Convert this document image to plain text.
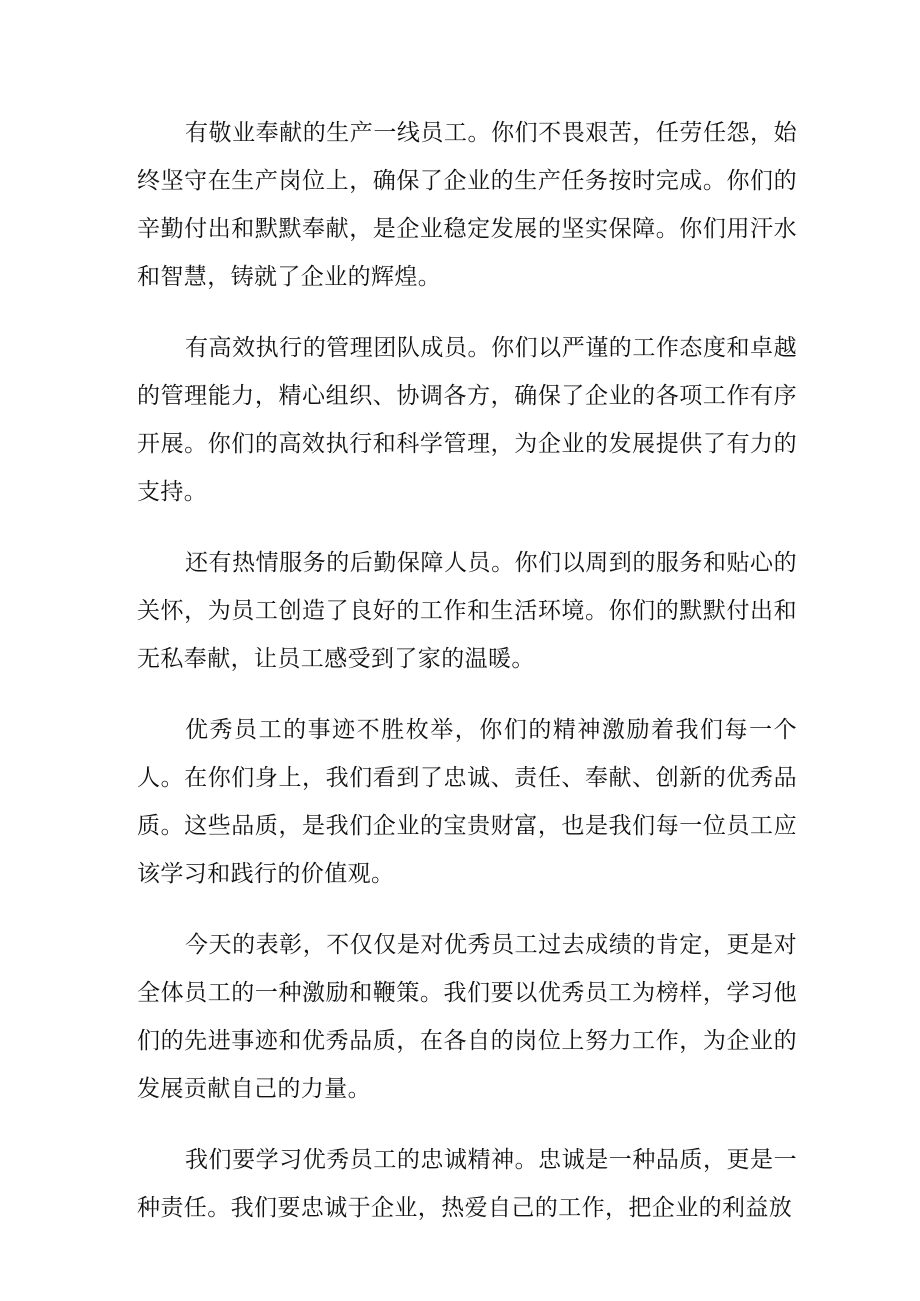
有敬业奉献的生产一线员工。你们不畏艰苦，任劳任怨，始终坚守在生产岗位上，确保了企业的生产任务按时完成。你们的辛勤付出和默默奉献，是企业稳定发展的坚实保障。你们用汗水和智慧，铸就了企业的辉煌。

有高效执行的管理团队成员。你们以严谨的工作态度和卓越的管理能力，精心组织、协调各方，确保了企业的各项工作有序开展。你们的高效执行和科学管理，为企业的发展提供了有力的支持。

还有热情服务的后勤保障人员。你们以周到的服务和贴心的关怀，为员工创造了良好的工作和生活环境。你们的默默付出和无私奉献，让员工感受到了家的温暖。

优秀员工的事迹不胜枚举，你们的精神激励着我们每一个人。在你们身上，我们看到了忠诚、责任、奉献、创新的优秀品质。这些品质，是我们企业的宝贵财富，也是我们每一位员工应该学习和践行的价值观。

今天的表彰，不仅仅是对优秀员工过去成绩的肯定，更是对全体员工的一种激励和鞭策。我们要以优秀员工为榜样，学习他们的先进事迹和优秀品质，在各自的岗位上努力工作，为企业的发展贡献自己的力量。

我们要学习优秀员工的忠诚精神。忠诚是一种品质，更是一种责任。我们要忠诚于企业，热爱自己的工作，把企业的利益放
